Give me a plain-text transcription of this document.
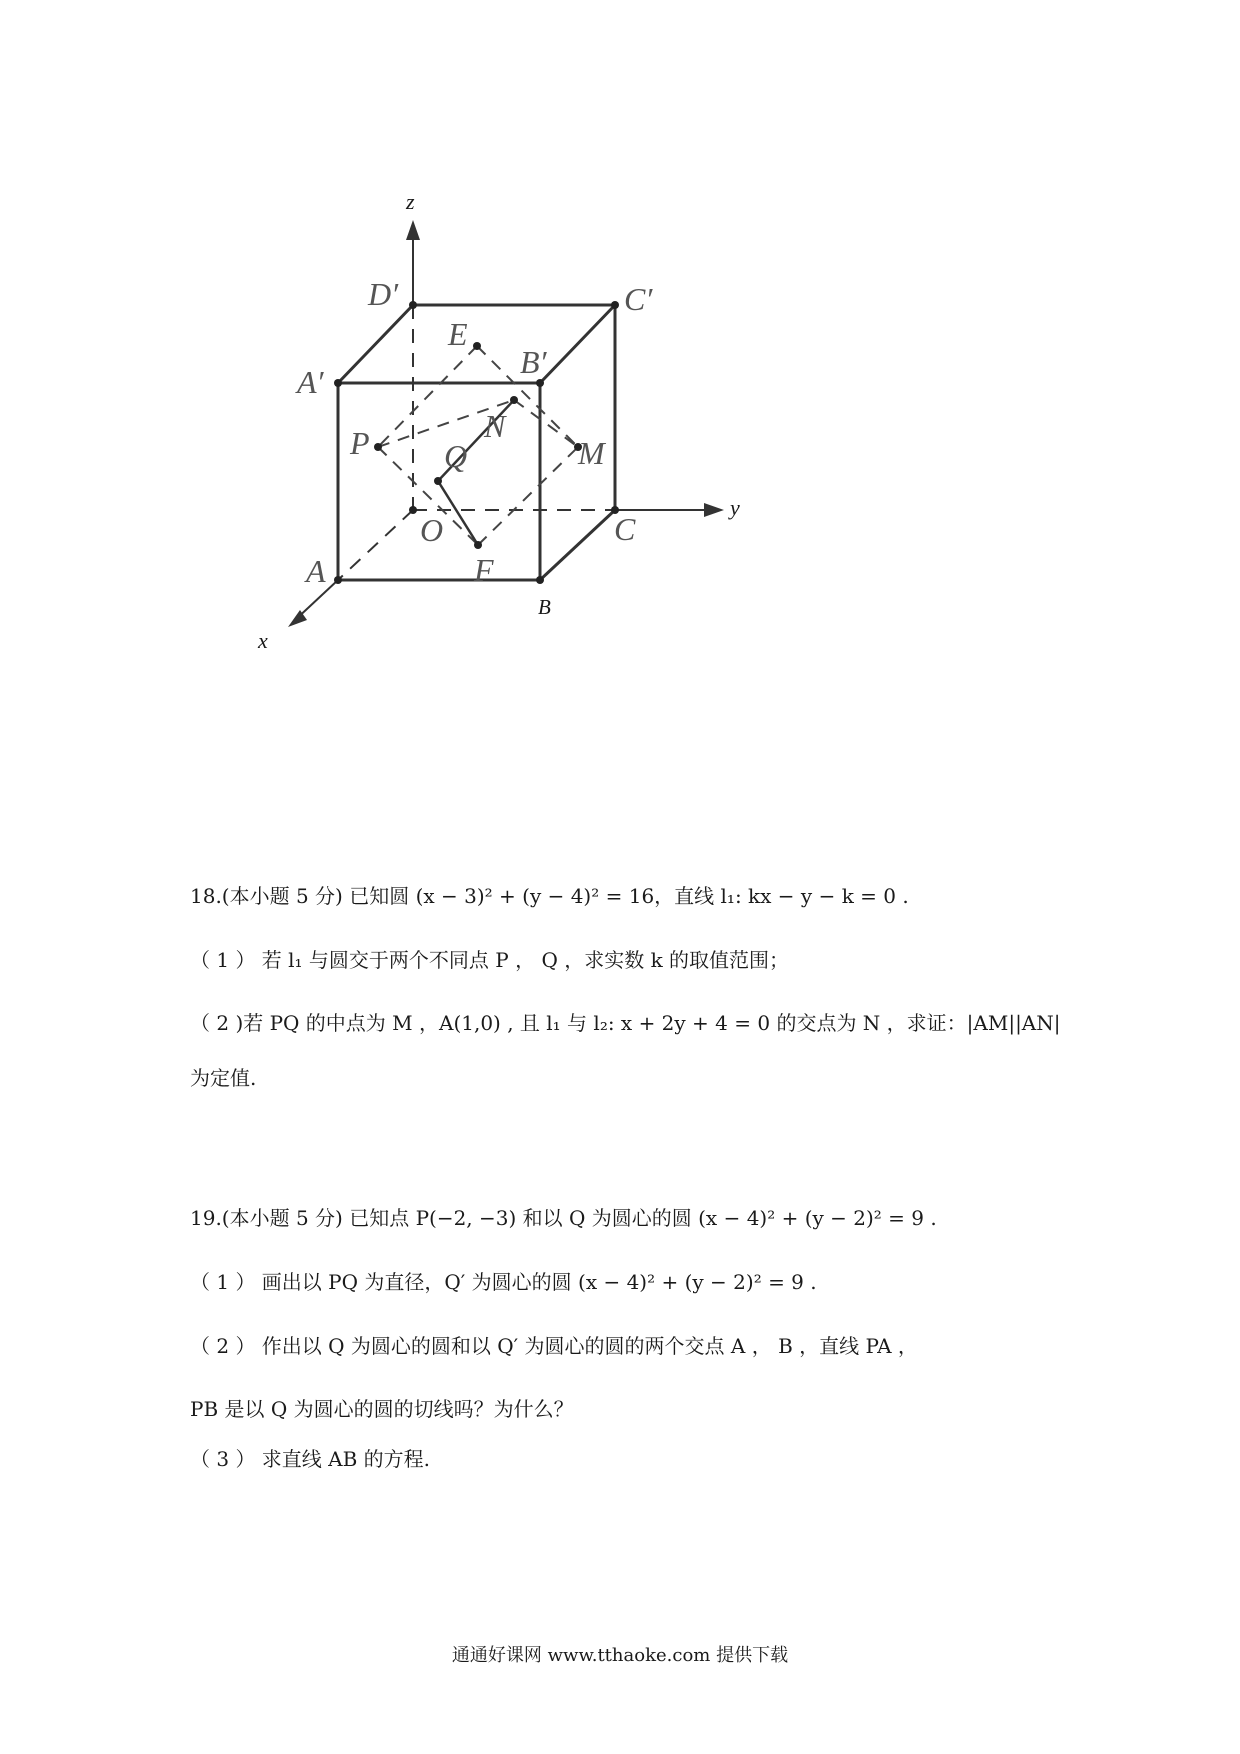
z
y
x
D′	C′
A′
B′
E
N
P Q	M
O	C
A	F
B
18.(本小题 5 分) 已知圆 (x − 3)² + (y − 4)² = 16，直线 l₁: kx − y − k = 0 .
（ 1 ） 若 l₁ 与圆交于两个不同点 P ， Q ，求实数 k 的取值范围；
（ 2 )若 PQ 的中点为 M ，A(1,0) , 且 l₁ 与 l₂: x + 2y + 4 = 0 的交点为 N ，求证：|AM||AN|
为定值.
19.(本小题 5 分) 已知点 P(−2, −3) 和以 Q 为圆心的圆 (x − 4)² + (y − 2)² = 9 .
（ 1 ） 画出以 PQ 为直径，Q′ 为圆心的圆 (x − 4)² + (y − 2)² = 9 .
（ 2 ） 作出以 Q 为圆心的圆和以 Q′ 为圆心的圆的两个交点 A ， B ，直线 PA ，
PB 是以 Q 为圆心的圆的切线吗？为什么？
（ 3 ） 求直线 AB 的方程.
通通好课网 www.tthaoke.com 提供下载
